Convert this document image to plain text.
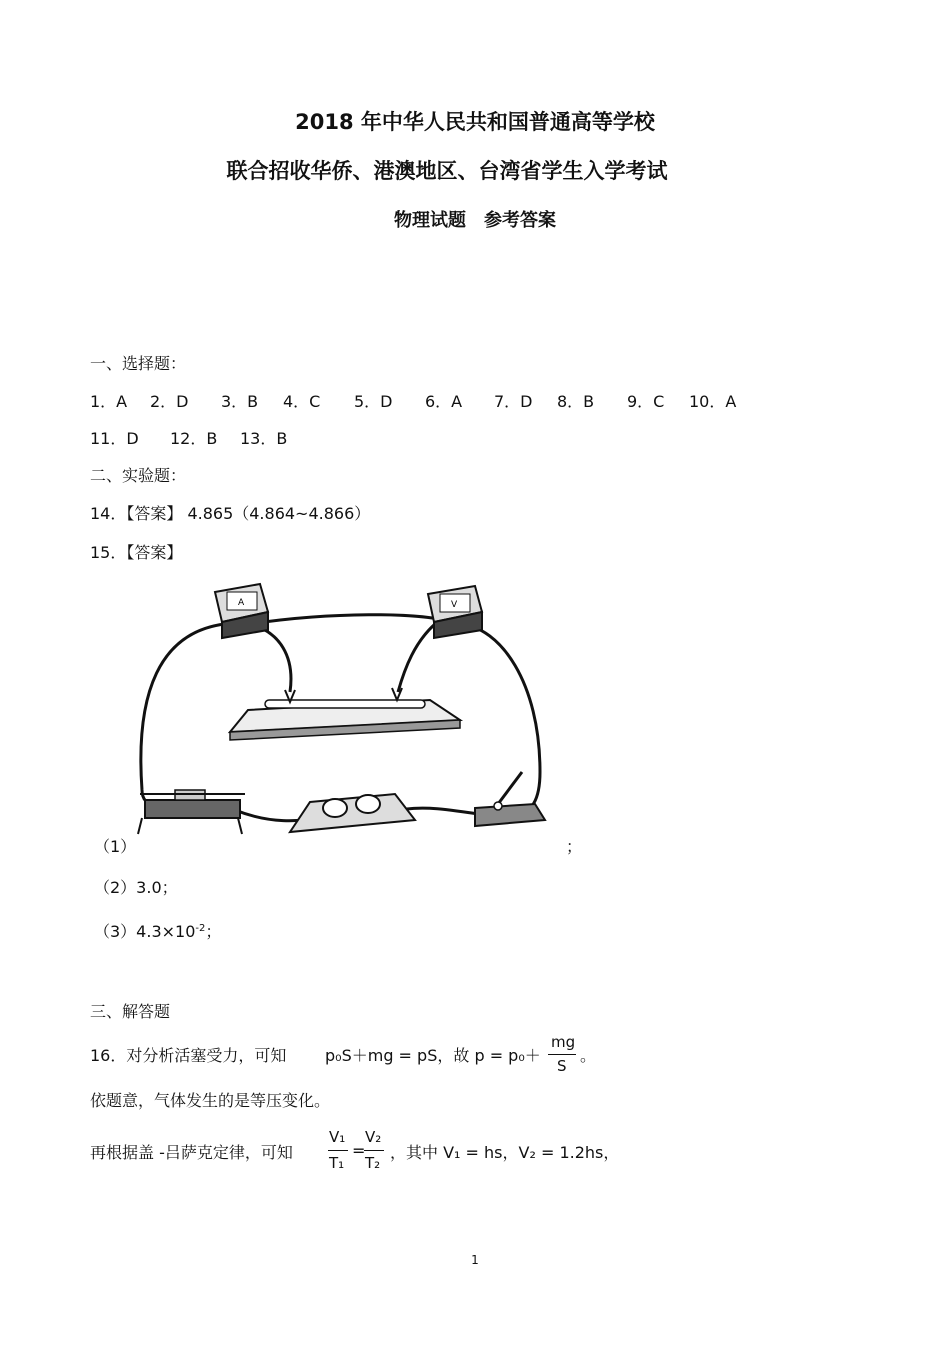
2018 年中华人民共和国普通高等学校
联合招收华侨、港澳地区、台湾省学生入学考试
物理试题　参考答案
一、选择题：
1．A 2．D 3．B 4．C 5．D 6．A 7．D 8．B 9．C 10．A
11．D 12．B 13．B
二、实验题：
14．【答案】 4.865（4.864~4.866）
15．【答案】
A	V
（1）	；
（2）3.0；
$(3)4.3\times 10^{-2}$；
三、解答题
16．对分析活塞受力，可知 p₀S＋mg = pS，故 p = p₀＋
mg
S
。
依题意，气体发生的是等压变化。
再根据盖 -吕萨克定律，可知
V₁
T₁
=
V₂
T₂
，其中 V₁ = hs，V₂ = 1.2hs，
1
